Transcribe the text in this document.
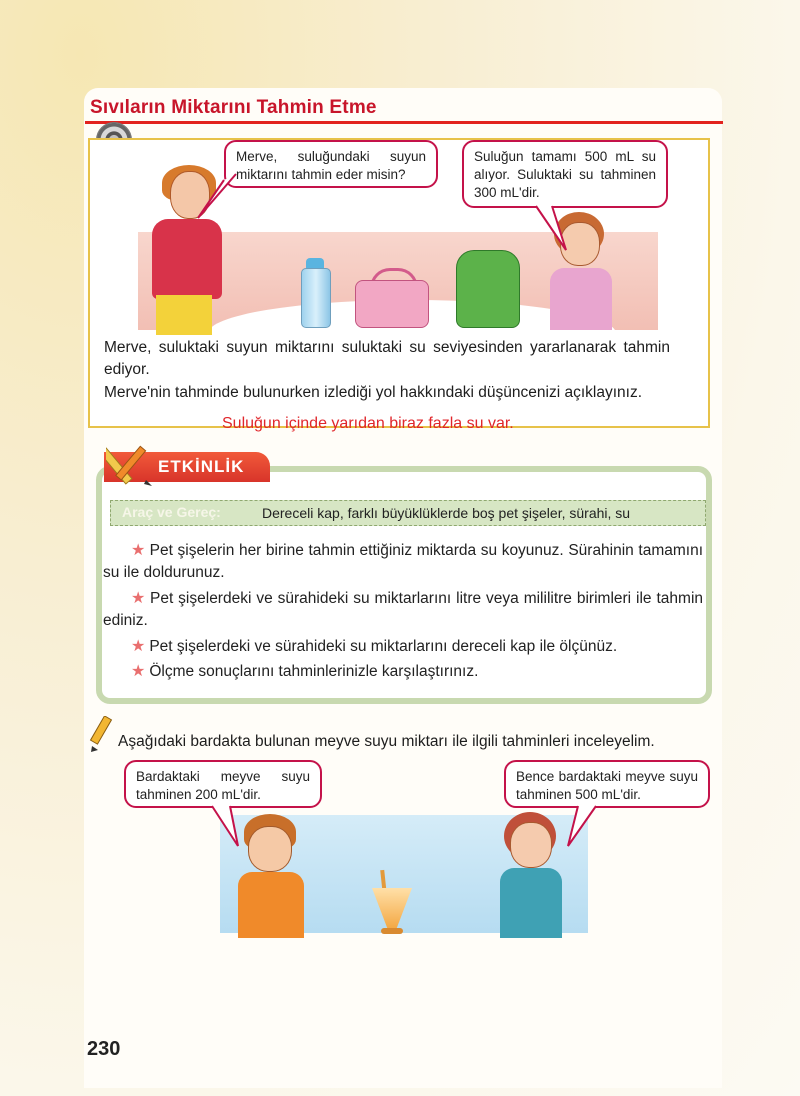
Sıvıların Miktarını Tahmin Etme
Merve, suluğundaki suyun miktarını tahmin eder misin?
Suluğun tamamı 500 mL su alıyor. Suluktaki su tahminen 300 mL'dir.
Merve, suluktaki suyun miktarını suluktaki su seviyesinden yararlanarak tahmin ediyor.
Merve'nin tahminde bulunurken izlediği yol hakkındaki düşüncenizi açıklayınız.
Suluğun içinde yarıdan biraz fazla su var.
ETKİNLİK
Araç ve Gereç:	Dereceli kap, farklı büyüklüklerde boş pet şişeler, sürahi, su
★ Pet şişelerin her birine tahmin ettiğiniz miktarda su koyunuz. Sürahinin tamamını su ile doldurunuz.
★ Pet şişelerdeki ve sürahideki su miktarlarını litre veya mililitre birimleri ile tahmin ediniz.
★ Pet şişelerdeki ve sürahideki su miktarlarını dereceli kap ile ölçünüz.
★ Ölçme sonuçlarını tahminlerinizle karşılaştırınız.
Aşağıdaki bardakta bulunan meyve suyu miktarı ile ilgili tahminleri inceleyelim.
Bardaktaki meyve suyu tahminen 200 mL'dir.
Bence bardaktaki meyve suyu tahminen 500 mL'dir.
230
